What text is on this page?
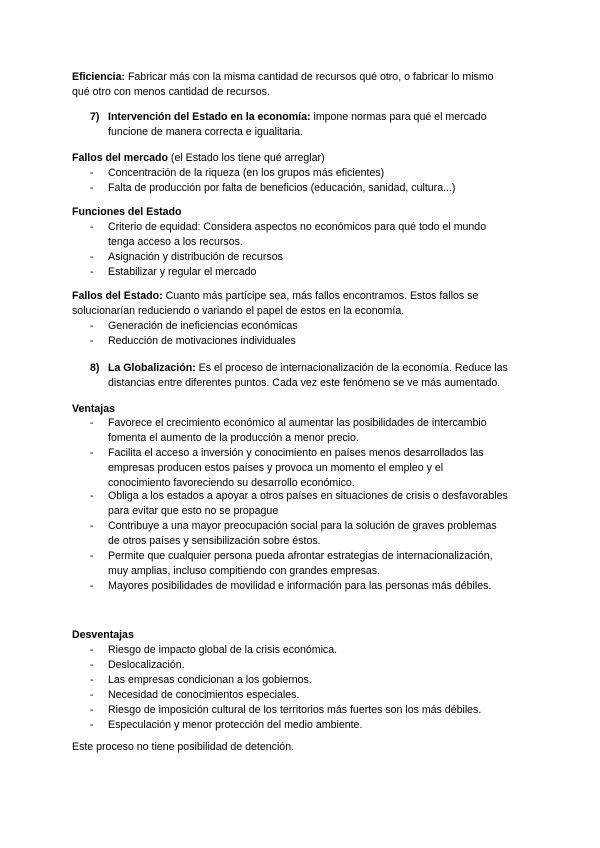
Eficiencia: Fabricar más con la misma cantidad de recursos qué otro, o fabricar lo mismo
qué otro con menos cantidad de recursos.
7) Intervención del Estado en la economía: impone normas para qué el mercado
funcione de manera correcta e igualitaria.
Fallos del mercado (el Estado los tiene qué arreglar)
- Concentración de la riqueza (en los grupos más eficientes)
- Falta de producción por falta de beneficios (educación, sanidad, cultura...)
Funciones del Estado
- Criterio de equidad: Considera aspectos no económicos para qué todo el mundo
tenga acceso a los recursos.
- Asignación y distribución de recursos
- Estabilizar y regular el mercado
Fallos del Estado: Cuanto más partícipe sea, más fallos encontramos. Estos fallos se
solucionarían reduciendo o variando el papel de estos en la economía.
- Generación de ineficiencias económicas
- Reducción de motivaciones individuales
8) La Globalización: Es el proceso de internacionalización de la economía. Reduce las
distancias entre diferentes puntos. Cada vez este fenómeno se ve más aumentado.
Ventajas
- Favorece el crecimiento económico al aumentar las posibilidades de intercambio
fomenta el aumento de la producción a menor precio.
- Facilita el acceso a inversión y conocimiento en países menos desarrollados las
empresas producen estos países y provoca un momento el empleo y el
conocimiento favoreciendo su desarrollo económico.
- Obliga a los estados a apoyar a otros países en situaciones de crisis o desfavorables
para evitar que esto no se propague
- Contribuye a una mayor preocupación social para la solución de graves problemas
de otros países y sensibilización sobre éstos.
- Permite que cualquier persona pueda afrontar estrategias de internacionalización,
muy amplias, incluso compitiendo con grandes empresas.
- Mayores posibilidades de movilidad e información para las personas más débiles.
Desventajas
- Riesgo de impacto global de la crisis económica.
- Deslocalización.
- Las empresas condicionan a los gobiernos.
- Necesidad de conocimientos especiales.
- Riesgo de imposición cultural de los territorios más fuertes son los más débiles.
- Especulación y menor protección del medio ambiente.
Este proceso no tiene posibilidad de detención.
